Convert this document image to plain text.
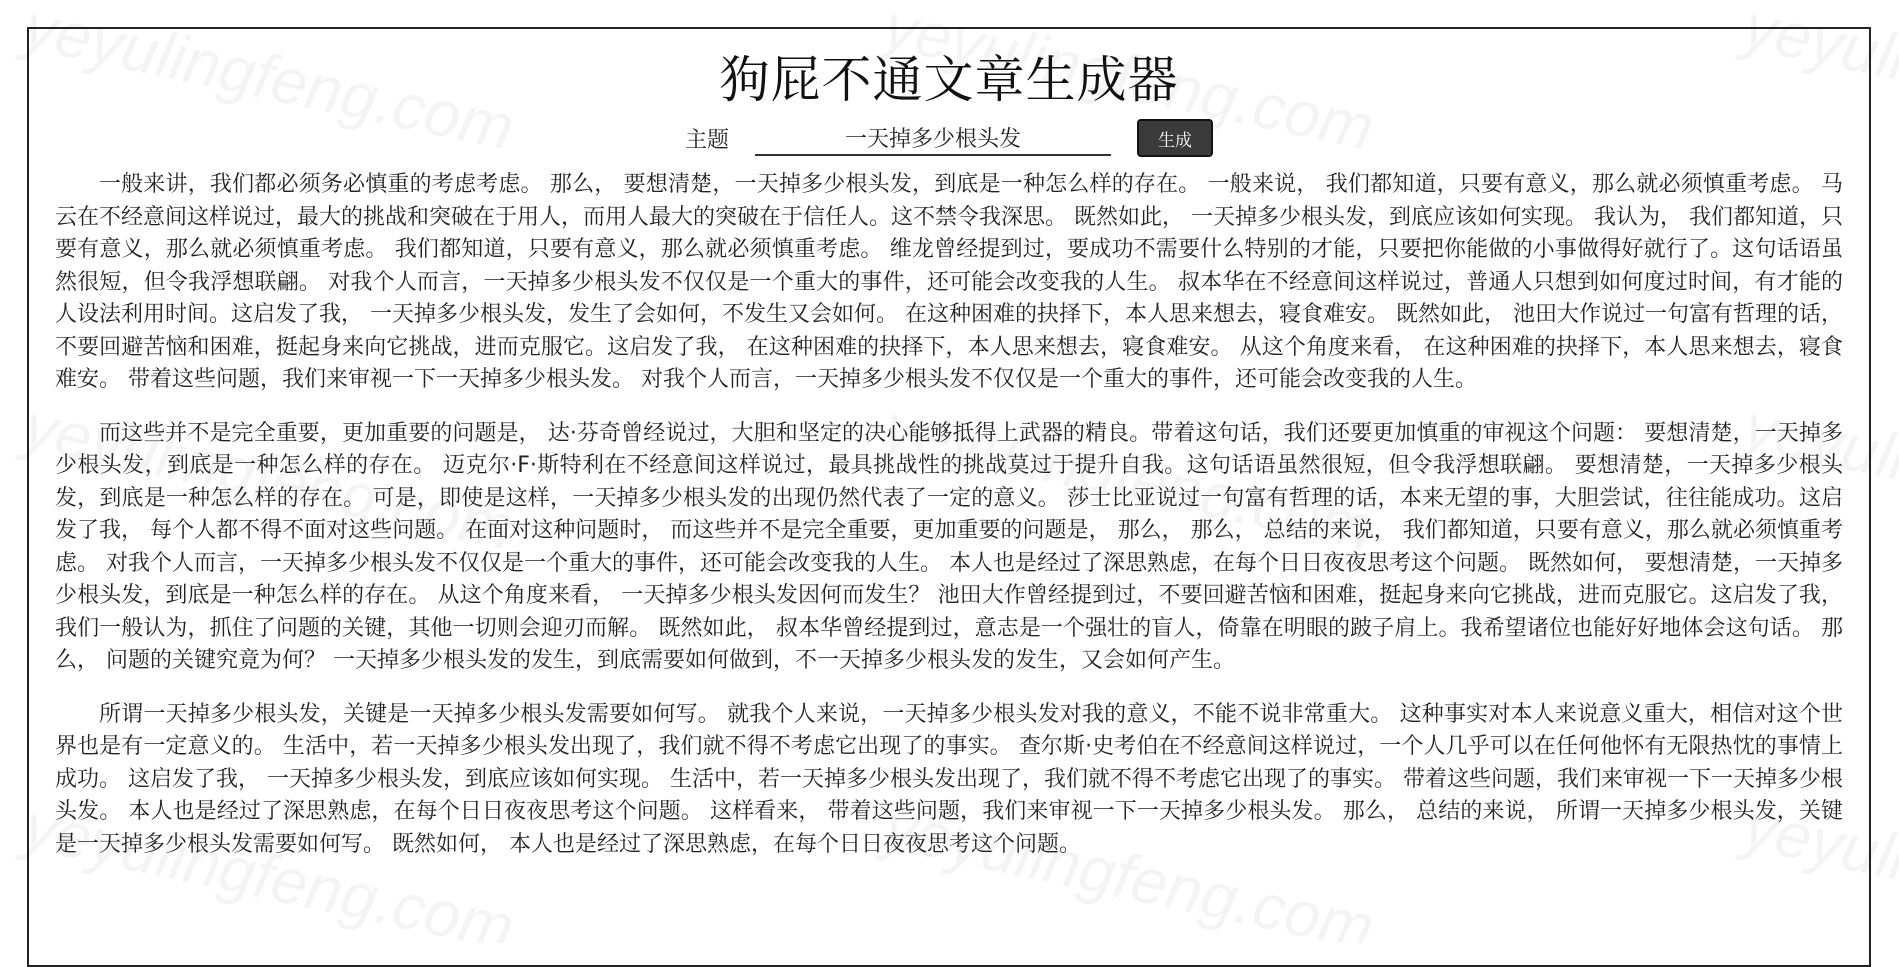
狗屁不通文章生成器
主题
一天掉多少根头发	生成

一般来讲，我们都必须务必慎重的考虑考虑。 那么， 要想清楚，一天掉多少根头发，到底是一种怎么样的存在。 一般来说， 我们都知道，只要有意义，那么就必须慎重考虑。 马云在不经意间这样说过，最大的挑战和突破在于用人，而用人最大的突破在于信任人。这不禁令我深思。 既然如此， 一天掉多少根头发，到底应该如何实现。 我认为， 我们都知道，只要有意义，那么就必须慎重考虑。 我们都知道，只要有意义，那么就必须慎重考虑。 维龙曾经提到过，要成功不需要什么特别的才能，只要把你能做的小事做得好就行了。这句话语虽然很短，但令我浮想联翩。 对我个人而言，一天掉多少根头发不仅仅是一个重大的事件，还可能会改变我的人生。 叔本华在不经意间这样说过，普通人只想到如何度过时间，有才能的人设法利用时间。这启发了我， 一天掉多少根头发，发生了会如何，不发生又会如何。 在这种困难的抉择下，本人思来想去，寝食难安。 既然如此， 池田大作说过一句富有哲理的话，不要回避苦恼和困难，挺起身来向它挑战，进而克服它。这启发了我， 在这种困难的抉择下，本人思来想去，寝食难安。 从这个角度来看， 在这种困难的抉择下，本人思来想去，寝食难安。 带着这些问题，我们来审视一下一天掉多少根头发。 对我个人而言，一天掉多少根头发不仅仅是一个重大的事件，还可能会改变我的人生。

而这些并不是完全重要，更加重要的问题是， 达·芬奇曾经说过，大胆和坚定的决心能够抵得上武器的精良。带着这句话，我们还要更加慎重的审视这个问题： 要想清楚，一天掉多少根头发，到底是一种怎么样的存在。 迈克尔·F·斯特利在不经意间这样说过，最具挑战性的挑战莫过于提升自我。这句话语虽然很短，但令我浮想联翩。 要想清楚，一天掉多少根头发，到底是一种怎么样的存在。 可是，即使是这样，一天掉多少根头发的出现仍然代表了一定的意义。 莎士比亚说过一句富有哲理的话，本来无望的事，大胆尝试，往往能成功。这启发了我， 每个人都不得不面对这些问题。 在面对这种问题时， 而这些并不是完全重要，更加重要的问题是， 那么， 那么， 总结的来说， 我们都知道，只要有意义，那么就必须慎重考虑。 对我个人而言，一天掉多少根头发不仅仅是一个重大的事件，还可能会改变我的人生。 本人也是经过了深思熟虑，在每个日日夜夜思考这个问题。 既然如何， 要想清楚，一天掉多少根头发，到底是一种怎么样的存在。 从这个角度来看， 一天掉多少根头发因何而发生？ 池田大作曾经提到过，不要回避苦恼和困难，挺起身来向它挑战，进而克服它。这启发了我， 我们一般认为，抓住了问题的关键，其他一切则会迎刃而解。 既然如此， 叔本华曾经提到过，意志是一个强壮的盲人，倚靠在明眼的跛子肩上。我希望诸位也能好好地体会这句话。 那么， 问题的关键究竟为何？ 一天掉多少根头发的发生，到底需要如何做到，不一天掉多少根头发的发生，又会如何产生。

所谓一天掉多少根头发，关键是一天掉多少根头发需要如何写。 就我个人来说，一天掉多少根头发对我的意义，不能不说非常重大。 这种事实对本人来说意义重大，相信对这个世界也是有一定意义的。 生活中，若一天掉多少根头发出现了，我们就不得不考虑它出现了的事实。 查尔斯·史考伯在不经意间这样说过，一个人几乎可以在任何他怀有无限热忱的事情上成功。 这启发了我， 一天掉多少根头发，到底应该如何实现。 生活中，若一天掉多少根头发出现了，我们就不得不考虑它出现了的事实。 带着这些问题，我们来审视一下一天掉多少根头发。 本人也是经过了深思熟虑，在每个日日夜夜思考这个问题。 这样看来， 带着这些问题，我们来审视一下一天掉多少根头发。 那么， 总结的来说， 所谓一天掉多少根头发，关键是一天掉多少根头发需要如何写。 既然如何， 本人也是经过了深思熟虑，在每个日日夜夜思考这个问题。
